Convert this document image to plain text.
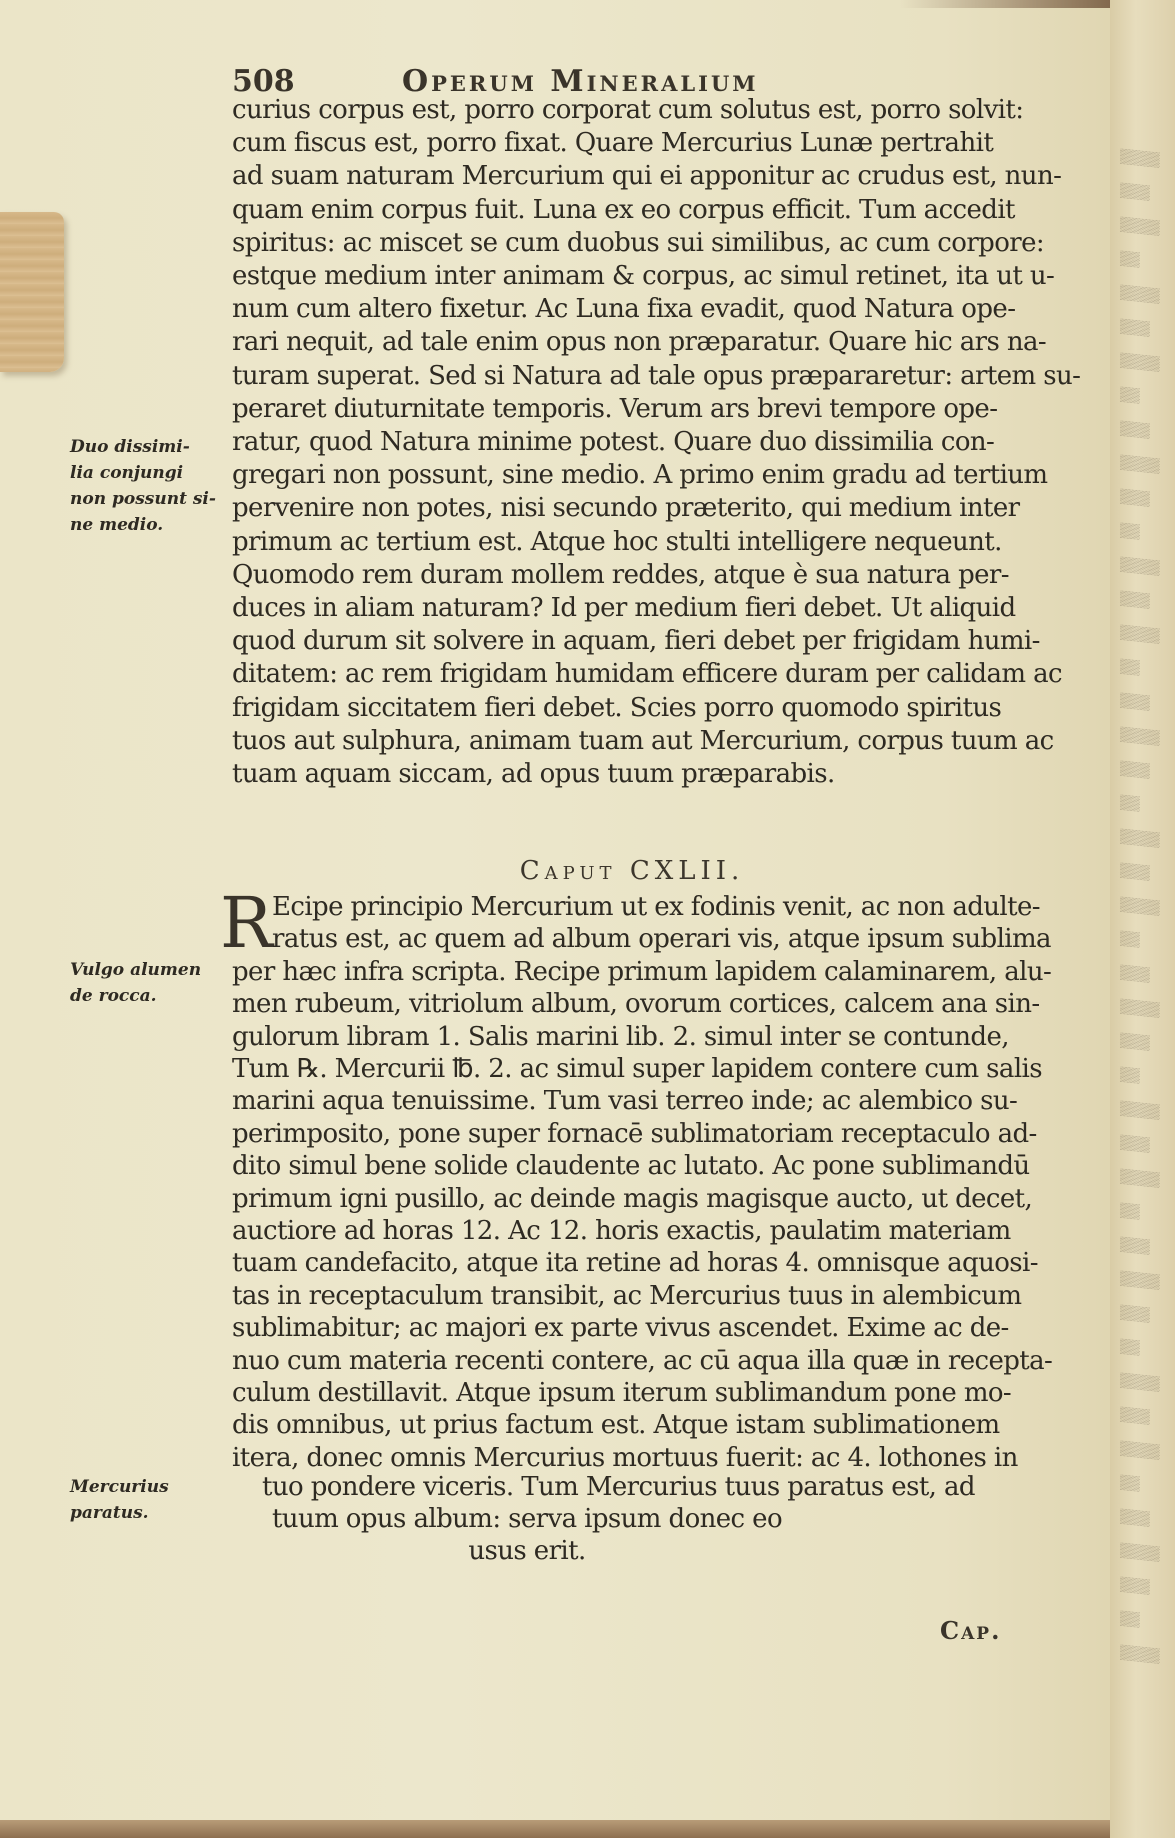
▒▒▒▒
▒▒▒
▒▒▒▒
▒▒
▒▒▒▒
▒▒▒
▒▒▒▒
▒▒
▒▒▒
▒▒▒▒
▒▒▒
▒▒
▒▒▒▒
▒▒▒
▒▒▒▒
▒▒
▒▒▒
▒▒▒▒
▒▒▒
▒▒
▒▒▒▒
▒▒▒
▒▒▒▒
▒▒
▒▒▒
▒▒▒▒
▒▒▒
▒▒
▒▒▒▒
▒▒▒
▒▒▒▒
▒▒
▒▒▒
▒▒▒▒
▒▒▒
▒▒
▒▒▒▒
▒▒▒
▒▒▒▒
▒▒
▒▒▒
▒▒▒▒
▒▒▒
▒▒
▒▒▒▒
508	Operum Mineralium
curius corpus est, porro corporat cum solutus est, porro solvit:
cum fiscus est, porro fixat. Quare Mercurius Lunæ pertrahit
ad suam naturam Mercurium qui ei apponitur ac crudus est, nun-
quam enim corpus fuit. Luna ex eo corpus efficit. Tum accedit
spiritus: ac miscet se cum duobus sui similibus, ac cum corpore:
estque medium inter animam & corpus, ac simul retinet, ita ut u-
num cum altero fixetur. Ac Luna fixa evadit, quod Natura ope-
rari nequit, ad tale enim opus non præparatur. Quare hic ars na-
turam superat. Sed si Natura ad tale opus præpararetur: artem su-
peraret diuturnitate temporis. Verum ars brevi tempore ope-
ratur, quod Natura minime potest. Quare duo dissimilia con-
gregari non possunt, sine medio. A primo enim gradu ad tertium
pervenire non potes, nisi secundo præterito, qui medium inter
primum ac tertium est. Atque hoc stulti intelligere nequeunt.
Quomodo rem duram mollem reddes, atque è sua natura per-
duces in aliam naturam? Id per medium fieri debet. Ut aliquid
quod durum sit solvere in aquam, fieri debet per frigidam humi-
ditatem: ac rem frigidam humidam efficere duram per calidam ac
frigidam siccitatem fieri debet. Scies porro quomodo spiritus
tuos aut sulphura, animam tuam aut Mercurium, corpus tuum ac
tuam aquam siccam, ad opus tuum præparabis.
Caput CXLII.
R Ecipe principio Mercurium ut ex fodinis venit, ac non adulte-
ratus est, ac quem ad album operari vis, atque ipsum sublima
per hæc infra scripta. Recipe primum lapidem calaminarem, alu-
men rubeum, vitriolum album, ovorum cortices, calcem ana sin-
gulorum libram 1. Salis marini lib. 2. simul inter se contunde,
Tum ℞. Mercurii ℔. 2. ac simul super lapidem contere cum salis
marini aqua tenuissime. Tum vasi terreo inde; ac alembico su-
perimposito, pone super fornacē sublimatoriam receptaculo ad-
dito simul bene solide claudente ac lutato. Ac pone sublimandū
primum igni pusillo, ac deinde magis magisque aucto, ut decet,
auctiore ad horas 12. Ac 12. horis exactis, paulatim materiam
tuam candefacito, atque ita retine ad horas 4. omnisque aquosi-
tas in receptaculum transibit, ac Mercurius tuus in alembicum
sublimabitur; ac majori ex parte vivus ascendet. Exime ac de-
nuo cum materia recenti contere, ac cū aqua illa quæ in recepta-
culum destillavit. Atque ipsum iterum sublimandum pone mo-
dis omnibus, ut prius factum est. Atque istam sublimationem
itera, donec omnis Mercurius mortuus fuerit: ac 4. lothones in
tuo pondere viceris. Tum Mercurius tuus paratus est, ad
tuum opus album: serva ipsum donec eo
usus erit.
Duo dissimi-
lia conjungi
non possunt si-
ne medio.
Vulgo alumen
de rocca.
Mercurius
paratus.
Cap.
